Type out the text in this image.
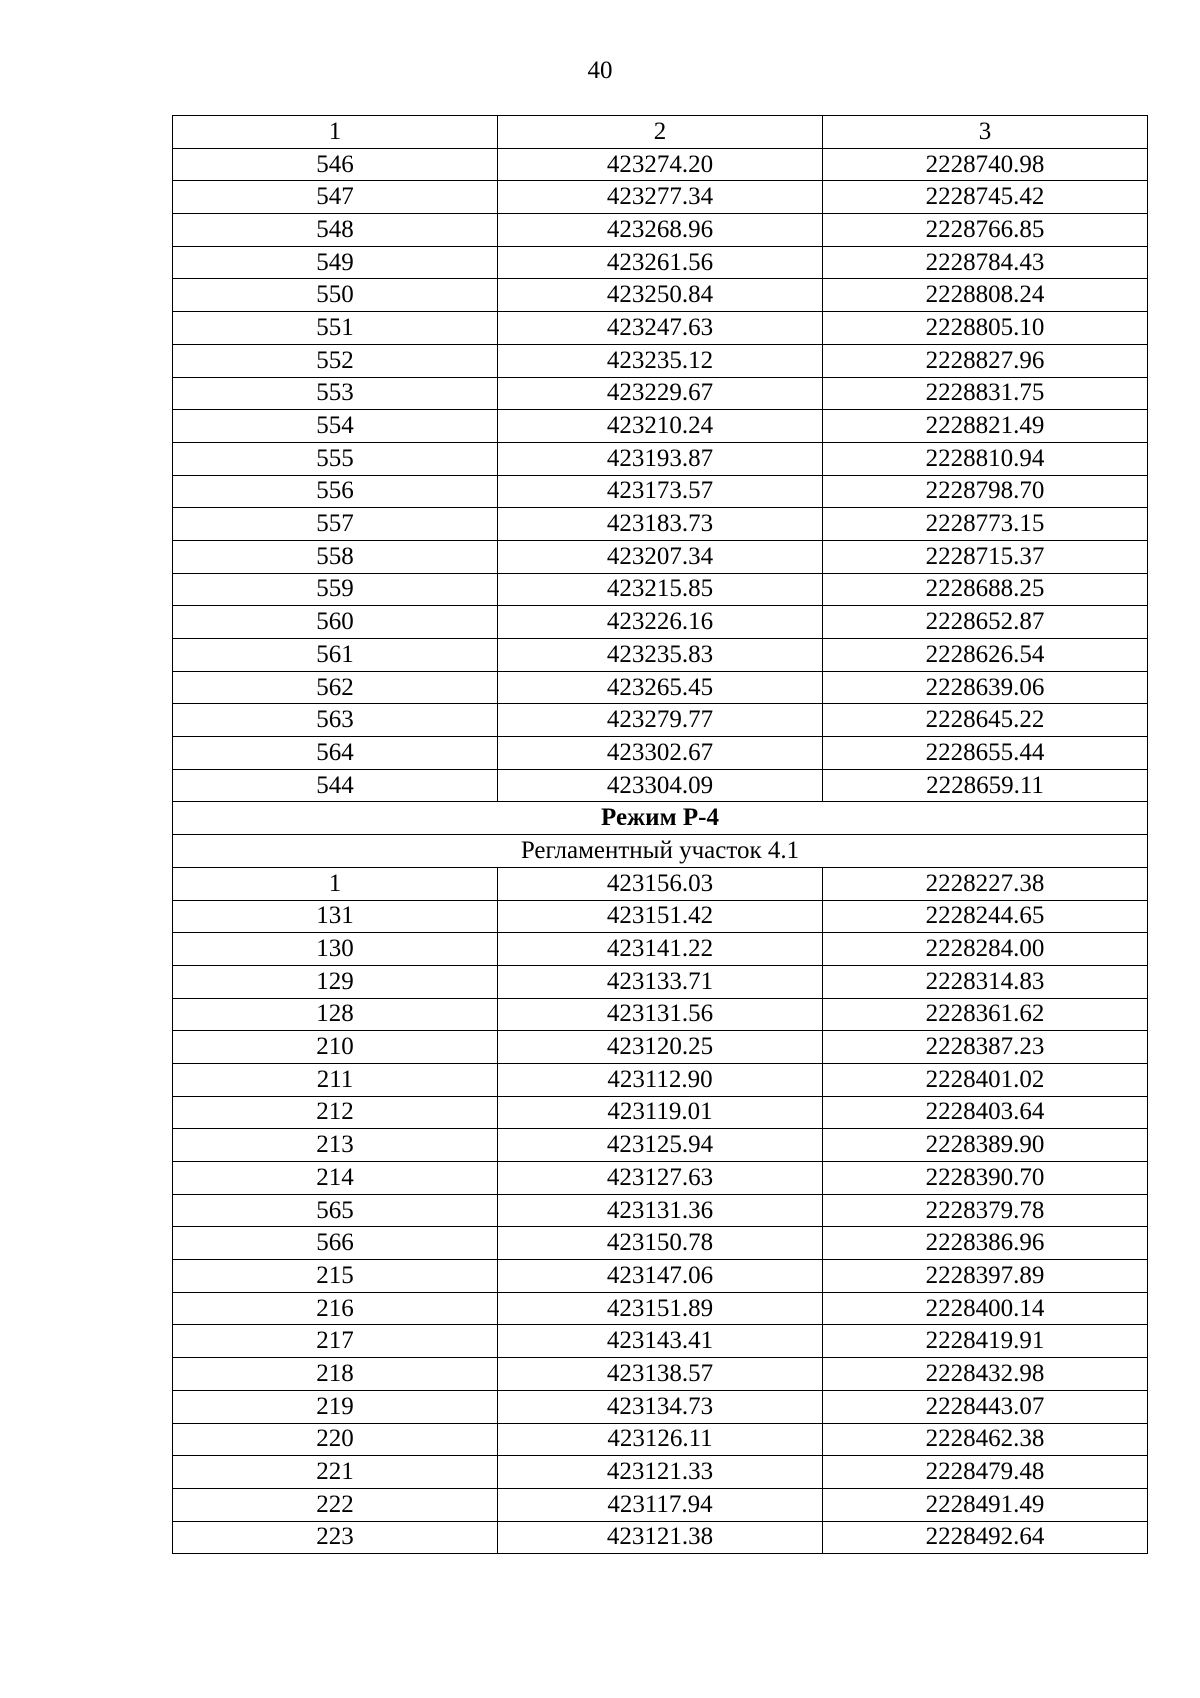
40
1	2	3
546	423274.20	2228740.98
547	423277.34	2228745.42
548	423268.96	2228766.85
549	423261.56	2228784.43
550	423250.84	2228808.24
551	423247.63	2228805.10
552	423235.12	2228827.96
553	423229.67	2228831.75
554	423210.24	2228821.49
555	423193.87	2228810.94
556	423173.57	2228798.70
557	423183.73	2228773.15
558	423207.34	2228715.37
559	423215.85	2228688.25
560	423226.16	2228652.87
561	423235.83	2228626.54
562	423265.45	2228639.06
563	423279.77	2228645.22
564	423302.67	2228655.44
544	423304.09	2228659.11
Режим Р-4		
Регламентный участок 4.1		
1	423156.03	2228227.38
131	423151.42	2228244.65
130	423141.22	2228284.00
129	423133.71	2228314.83
128	423131.56	2228361.62
210	423120.25	2228387.23
211	423112.90	2228401.02
212	423119.01	2228403.64
213	423125.94	2228389.90
214	423127.63	2228390.70
565	423131.36	2228379.78
566	423150.78	2228386.96
215	423147.06	2228397.89
216	423151.89	2228400.14
217	423143.41	2228419.91
218	423138.57	2228432.98
219	423134.73	2228443.07
220	423126.11	2228462.38
221	423121.33	2228479.48
222	423117.94	2228491.49
223	423121.38	2228492.64
